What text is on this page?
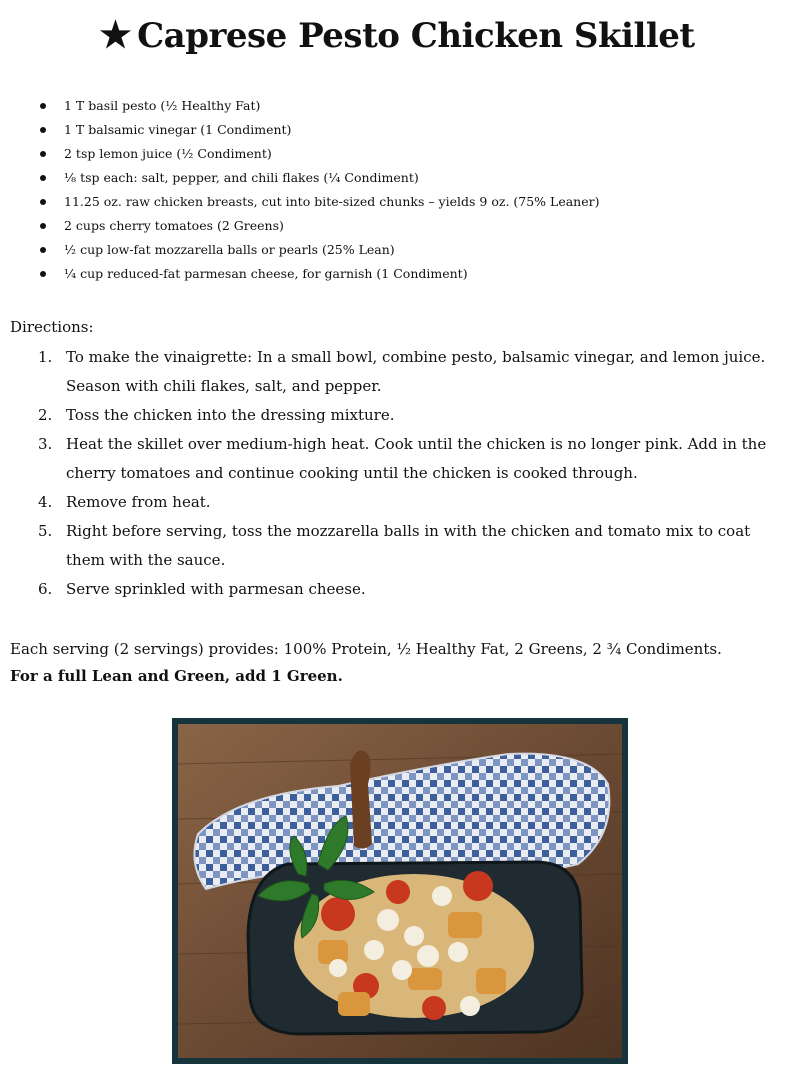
★ Caprese Pesto Chicken Skillet
1 T basil pesto (½ Healthy Fat)
1 T balsamic vinegar (1 Condiment)
2 tsp lemon juice (½ Condiment)
⅛ tsp each: salt, pepper, and chili flakes (¼ Condiment)
11.25 oz. raw chicken breasts, cut into bite-sized chunks – yields 9 oz. (75% Leaner)
2 cups cherry tomatoes (2 Greens)
½ cup low-fat mozzarella balls or pearls (25% Lean)
¼ cup reduced-fat parmesan cheese, for garnish (1 Condiment)
Directions:
1. To make the vinaigrette: In a small bowl, combine pesto, balsamic vinegar, and lemon juice. Season with chili flakes, salt, and pepper.
2. Toss the chicken into the dressing mixture.
3. Heat the skillet over medium-high heat. Cook until the chicken is no longer pink. Add in the cherry tomatoes and continue cooking until the chicken is cooked through.
4. Remove from heat.
5. Right before serving, toss the mozzarella balls in with the chicken and tomato mix to coat them with the sauce.
6. Serve sprinkled with parmesan cheese.
Each serving (2 servings) provides: 100% Protein, ½ Healthy Fat, 2 Greens, 2 ¾ Condiments.
For a full Lean and Green, add 1 Green.
